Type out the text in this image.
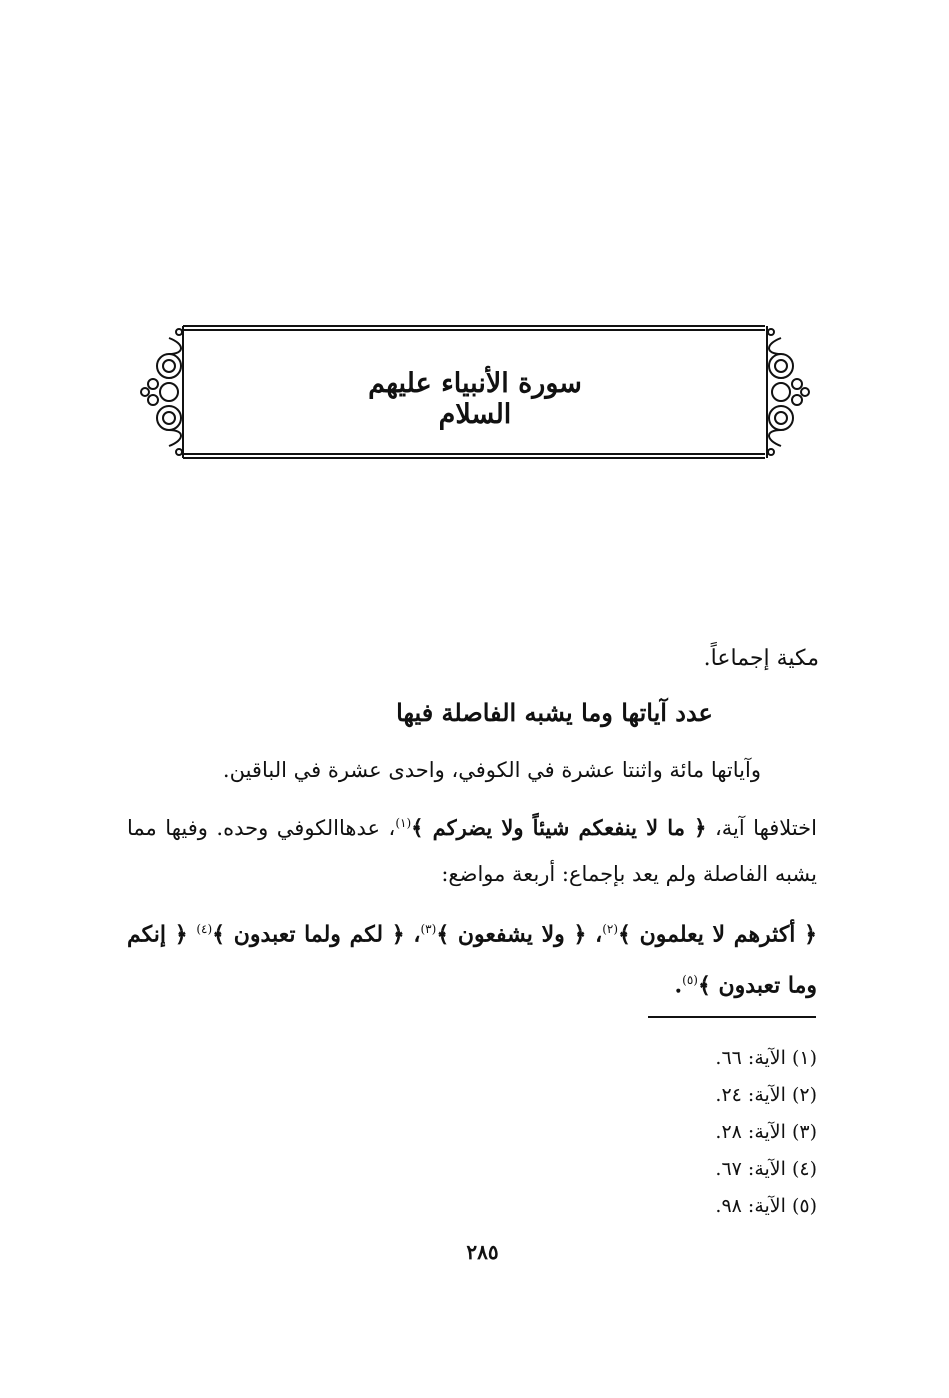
سورة الأنبياء عليهم السلام
مكية إجماعاً.
عدد آياتها وما يشبه الفاصلة فيها
وآياتها مائة واثنتا عشرة في الكوفي، واحدى عشرة في الباقين.
اختلافها آية، ﴿ ما لا ينفعكم شيئاً ولا يضركم ﴾$^{(١)}$، عدهاالكوفي وحده. وفيها مما يشبه الفاصلة ولم يعد بإجماع: أربعة مواضع:
﴿ أكثرهم لا يعلمون ﴾$^{(٢)}$، ﴿ ولا يشفعون ﴾$^{(٣)}$، ﴿ لكم ولما تعبدون ﴾$^{(٤)}$ ﴿ إنكم وما تعبدون ﴾$^{(٥)}$.
(١) الآية: ٦٦.
(٢) الآية: ٢٤.
(٣) الآية: ٢٨.
(٤) الآية: ٦٧.
(٥) الآية: ٩٨.
٢٨٥
